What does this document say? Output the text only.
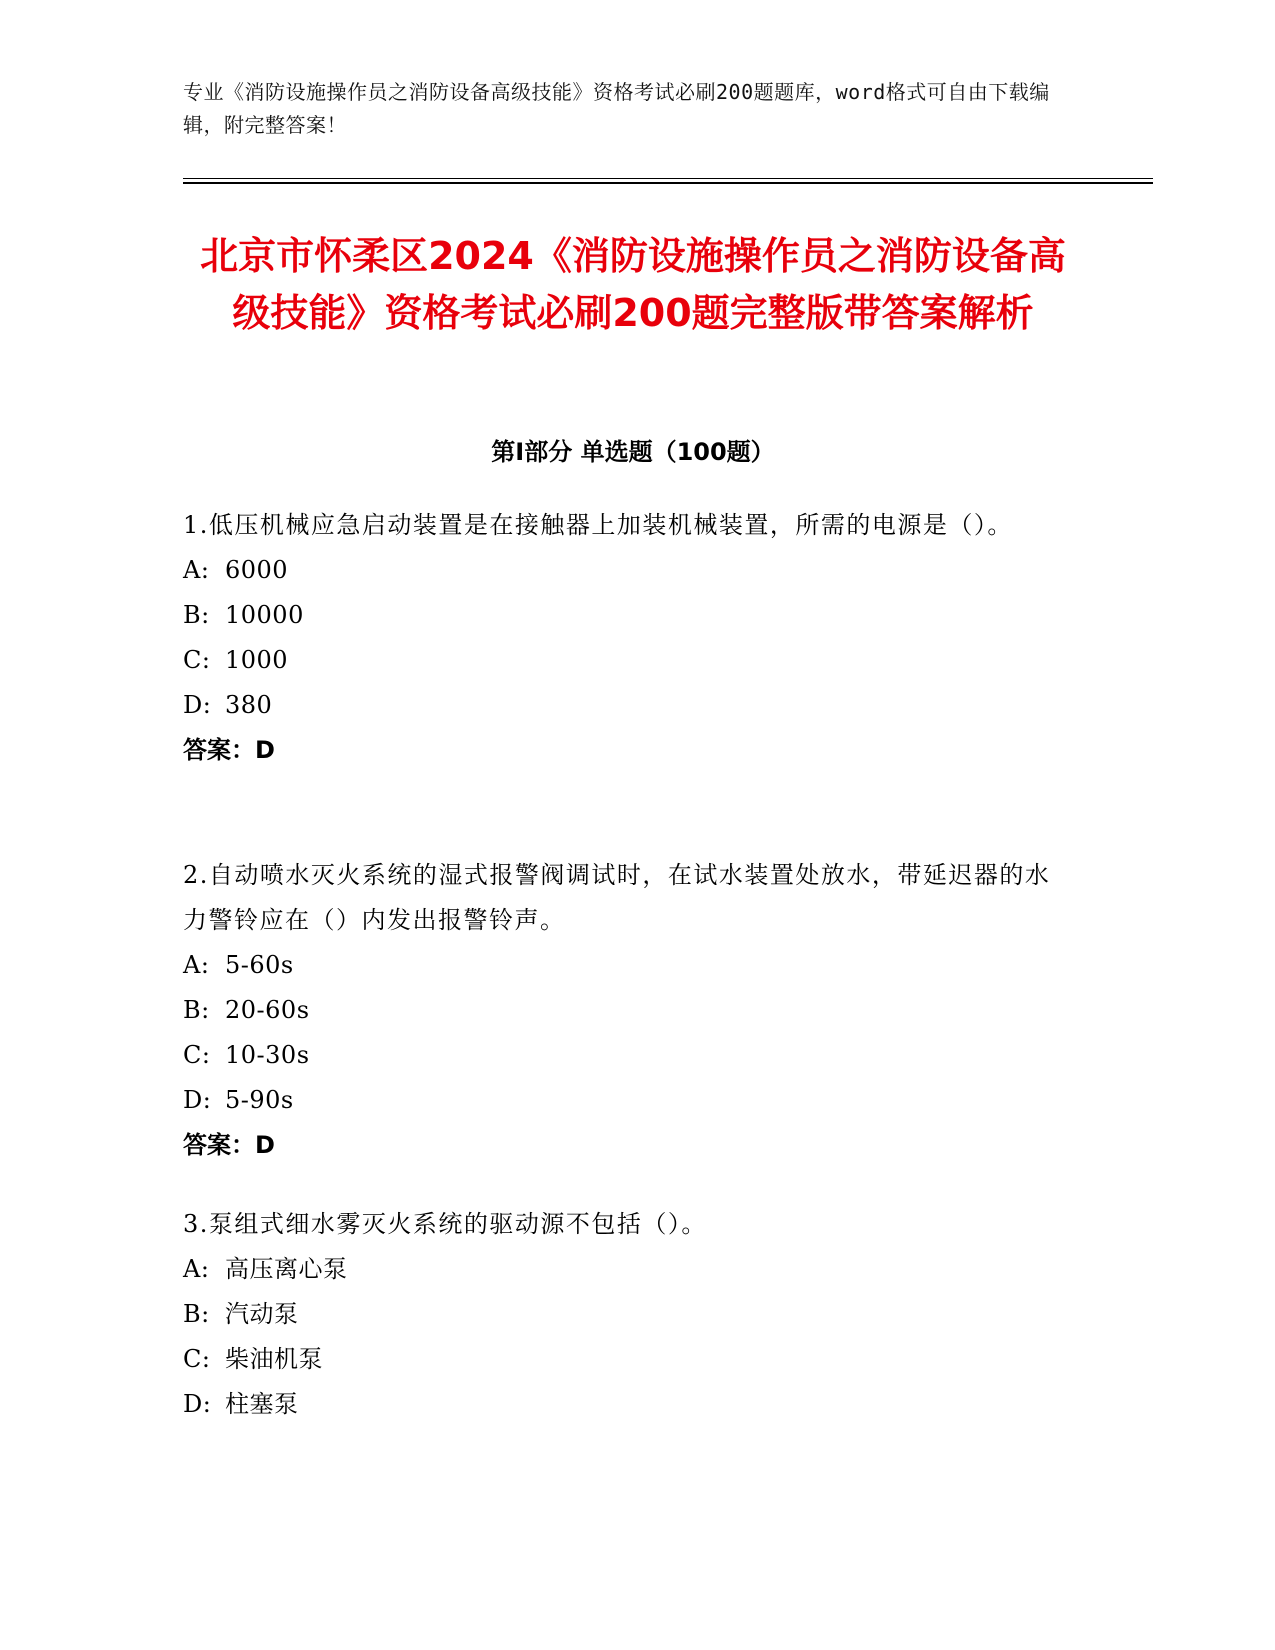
专业《消防设施操作员之消防设备高级技能》资格考试必刷200题题库，word格式可自由下载编辑，附完整答案！

北京市怀柔区2024《消防设施操作员之消防设备高级技能》资格考试必刷200题完整版带答案解析
第I部分 单选题（100题）

1.低压机械应急启动装置是在接触器上加装机械装置，所需的电源是（）。

A: 6000

B: 10000

C: 1000

D: 380

答案：D

2.自动喷水灭火系统的湿式报警阀调试时，在试水装置处放水，带延迟器的水力警铃应在（）内发出报警铃声。

A: 5-60s

B: 20-60s

C: 10-30s

D: 5-90s

答案：D

3.泵组式细水雾灭火系统的驱动源不包括（）。

A: 高压离心泵

B: 汽动泵

C: 柴油机泵

D: 柱塞泵
